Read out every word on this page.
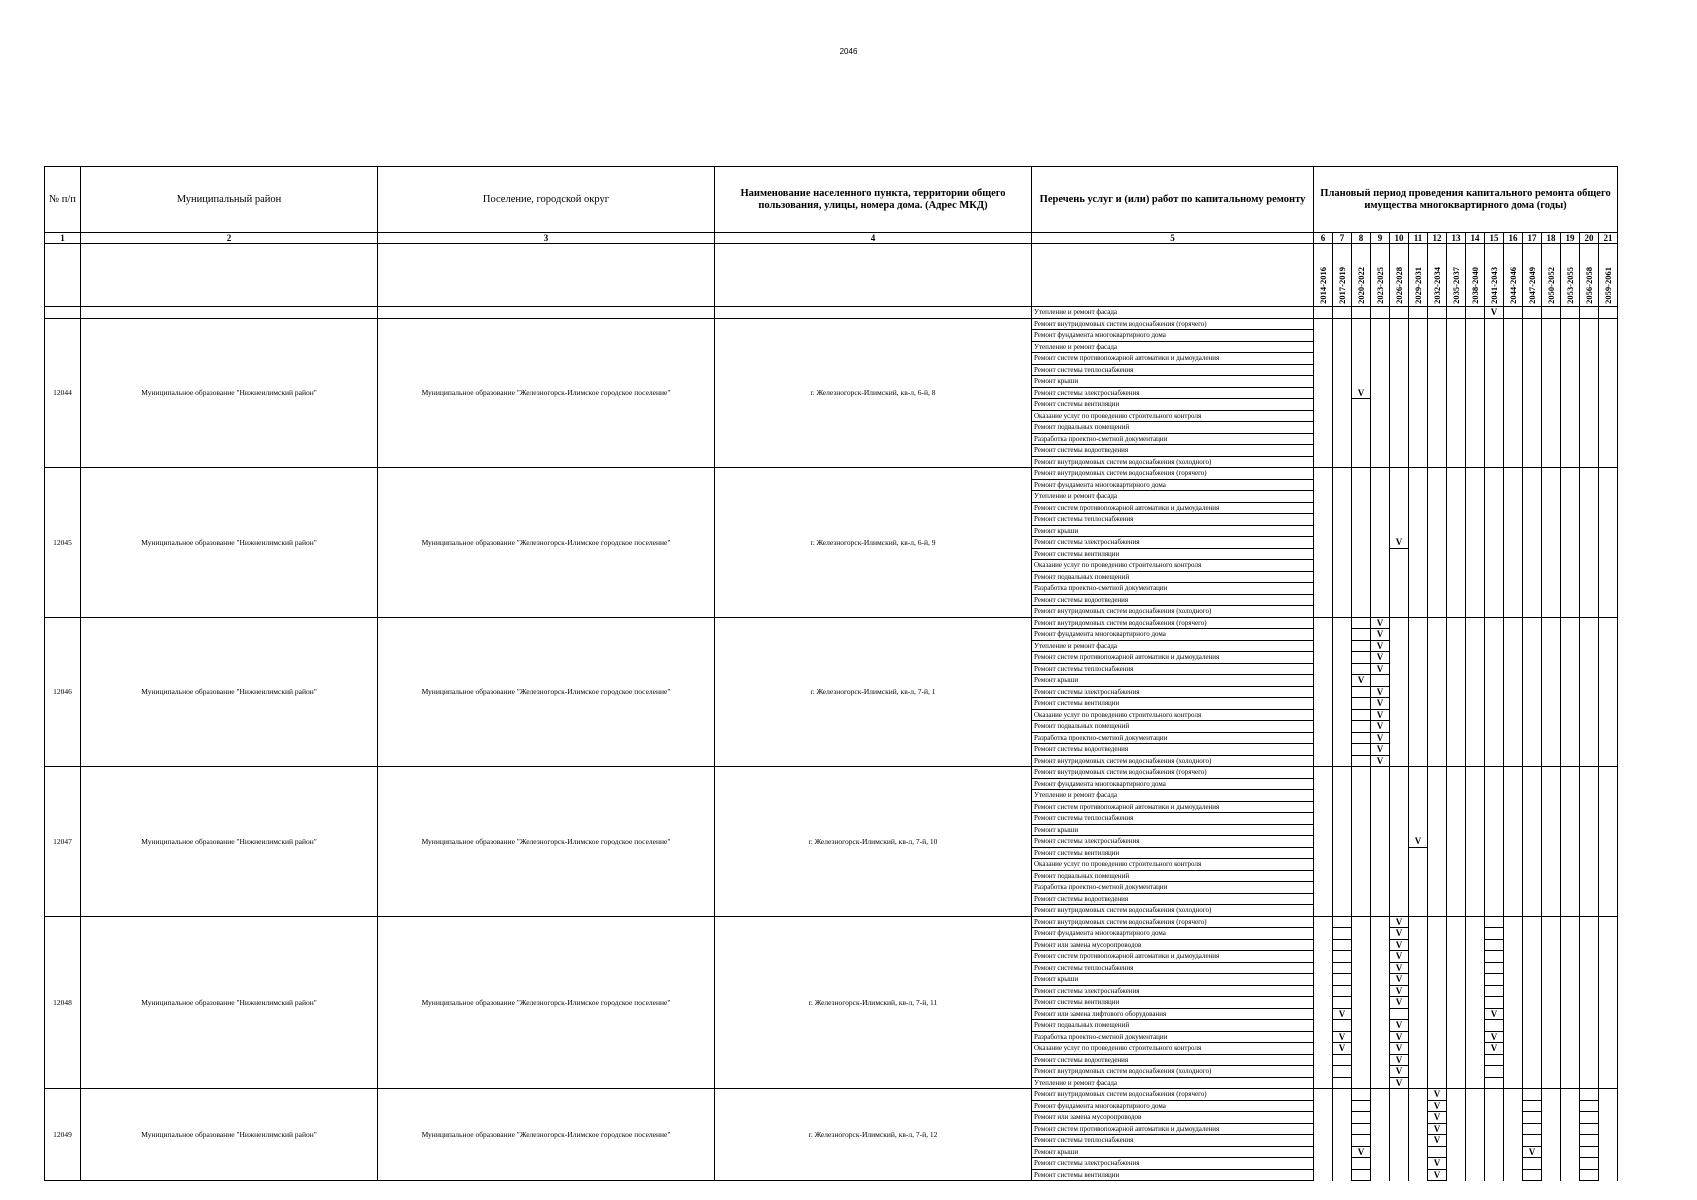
2046
№ п/п	Муниципальный район	Поселение, городской округ	Наименование населенного пункта, территории общего пользования, улицы, номера дома. (Адрес МКД)	Перечень услуг и (или) работ по капитальному ремонту	Плановый период проведения капитального ремонта общего имущества многоквартирного дома (годы)															
1	2	3	4	5	6	7	8	9	10	11	12	13	14	15	16	17	18	19	20	21
					2014-2016	2017-2019	2020-2022	2023-2025	2026-2028	2029-2031	2032-2034	2035-2037	2038-2040	2041-2043	2044-2046	2047-2049	2050-2052	2053-2055	2056-2058	2059-2061
				Утепление и ремонт фасада										V						
12044	Муниципальное образование "Нижнеилимский район"	Муниципальное образование "Железногорск-Илимское городское поселение"	г. Железногорск-Илимский, кв-л, 6-й, 8	Ремонт внутридомовых систем водоснабжения (горячего)																
				Ремонт фундамента многоквартирного дома																
				Утепление и ремонт фасада																
				Ремонт систем противопожарной автоматики и дымоудаления																
				Ремонт системы теплоснабжения																
				Ремонт крыши																
				Ремонт системы электроснабжения			V													
				Ремонт системы вентиляции																
				Оказание услуг по проведению строительного контроля																
				Ремонт подвальных помещений																
				Разработка проектно-сметной документации																
				Ремонт системы водоотведения																
				Ремонт внутридомовых систем водоснабжения (холодного)																
12045	Муниципальное образование "Нижнеилимский район"	Муниципальное образование "Железногорск-Илимское городское поселение"	г. Железногорск-Илимский, кв-л, 6-й, 9	Ремонт внутридомовых систем водоснабжения (горячего)																
				Ремонт фундамента многоквартирного дома																
				Утепление и ремонт фасада																
				Ремонт систем противопожарной автоматики и дымоудаления																
				Ремонт системы теплоснабжения																
				Ремонт крыши																
				Ремонт системы электроснабжения					V											
				Ремонт системы вентиляции																
				Оказание услуг по проведению строительного контроля																
				Ремонт подвальных помещений																
				Разработка проектно-сметной документации																
				Ремонт системы водоотведения																
				Ремонт внутридомовых систем водоснабжения (холодного)																
12046	Муниципальное образование "Нижнеилимский район"	Муниципальное образование "Железногорск-Илимское городское поселение"	г. Железногорск-Илимский, кв-л, 7-й, 1	Ремонт внутридомовых систем водоснабжения (горячего)				V												
				Ремонт фундамента многоквартирного дома				V												
				Утепление и ремонт фасада				V												
				Ремонт систем противопожарной автоматики и дымоудаления				V												
				Ремонт системы теплоснабжения				V												
				Ремонт крыши			V													
				Ремонт системы электроснабжения				V												
				Ремонт системы вентиляции				V												
				Оказание услуг по проведению строительного контроля				V												
				Ремонт подвальных помещений				V												
				Разработка проектно-сметной документации				V												
				Ремонт системы водоотведения				V												
				Ремонт внутридомовых систем водоснабжения (холодного)				V												
12047	Муниципальное образование "Нижнеилимский район"	Муниципальное образование "Железногорск-Илимское городское поселение"	г. Железногорск-Илимский, кв-л, 7-й, 10	Ремонт внутридомовых систем водоснабжения (горячего)																
				Ремонт фундамента многоквартирного дома																
				Утепление и ремонт фасада																
				Ремонт систем противопожарной автоматики и дымоудаления																
				Ремонт системы теплоснабжения																
				Ремонт крыши																
				Ремонт системы электроснабжения						V										
				Ремонт системы вентиляции																
				Оказание услуг по проведению строительного контроля																
				Ремонт подвальных помещений																
				Разработка проектно-сметной документации																
				Ремонт системы водоотведения																
				Ремонт внутридомовых систем водоснабжения (холодного)																
12048	Муниципальное образование "Нижнеилимский район"	Муниципальное образование "Железногорск-Илимское городское поселение"	г. Железногорск-Илимский, кв-л, 7-й, 11	Ремонт внутридомовых систем водоснабжения (горячего)					V											
				Ремонт фундамента многоквартирного дома					V											
				Ремонт или замена мусоропроводов					V											
				Ремонт систем противопожарной автоматики и дымоудаления					V											
				Ремонт системы теплоснабжения					V											
				Ремонт крыши					V											
				Ремонт системы электроснабжения					V											
				Ремонт системы вентиляции					V											
				Ремонт или замена лифтового оборудования		V								V						
				Ремонт подвальных помещений					V											
				Разработка проектно-сметной документации		V			V					V						
				Оказание услуг по проведению строительного контроля		V			V					V						
				Ремонт системы водоотведения					V											
				Ремонт внутридомовых систем водоснабжения (холодного)					V											
				Утепление и ремонт фасада					V											
12049	Муниципальное образование "Нижнеилимский район"	Муниципальное образование "Железногорск-Илимское городское поселение"	г. Железногорск-Илимский, кв-л, 7-й, 12	Ремонт внутридомовых систем водоснабжения (горячего)							V									
				Ремонт фундамента многоквартирного дома							V									
				Ремонт или замена мусоропроводов							V									
				Ремонт систем противопожарной автоматики и дымоудаления							V									
				Ремонт системы теплоснабжения							V									
				Ремонт крыши			V									V				
				Ремонт системы электроснабжения							V									
				Ремонт системы вентиляции							V									
